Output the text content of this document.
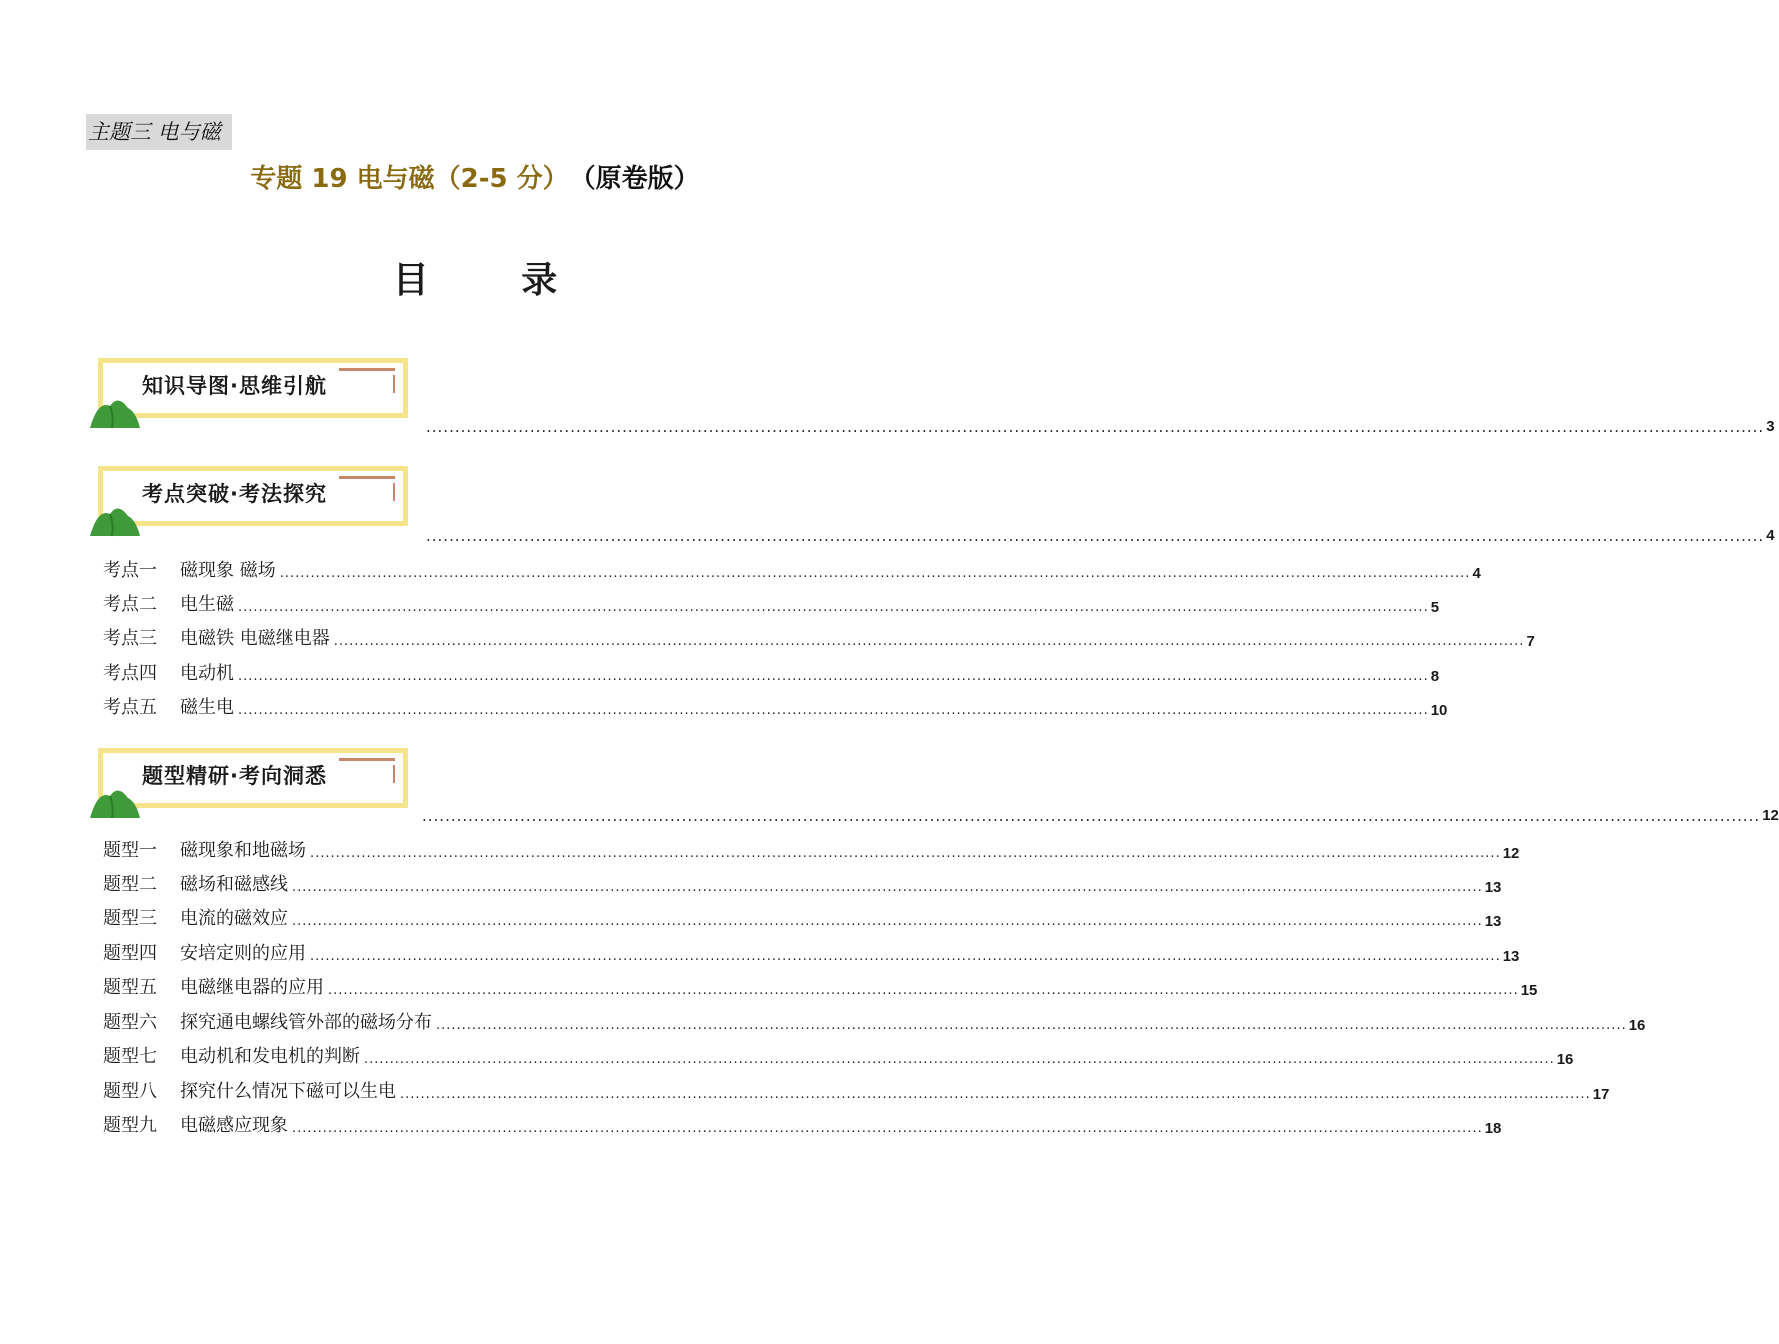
主题三 电与磁
专题 19 电与磁（2-5 分） （原卷版）
目 录
知识导图·思维引航
........................................................................................................................................................................................................................................ 3
考点突破·考法探究
........................................................................................................................................................................................................................................ 4
考点一	磁现象 磁场 ........................................................................................................................................................................................................................................ 4
考点二	电生磁 ........................................................................................................................................................................................................................................ 5
考点三	电磁铁 电磁继电器 ........................................................................................................................................................................................................................................ 7
考点四	电动机 ........................................................................................................................................................................................................................................ 8
考点五	磁生电 ........................................................................................................................................................................................................................................ 10
题型精研·考向洞悉
........................................................................................................................................................................................................................................ 12
题型一	磁现象和地磁场 ........................................................................................................................................................................................................................................ 12
题型二	磁场和磁感线 ........................................................................................................................................................................................................................................ 13
题型三	电流的磁效应 ........................................................................................................................................................................................................................................ 13
题型四	安培定则的应用 ........................................................................................................................................................................................................................................ 13
题型五	电磁继电器的应用 ........................................................................................................................................................................................................................................ 15
题型六	探究通电螺线管外部的磁场分布 ........................................................................................................................................................................................................................................ 16
题型七	电动机和发电机的判断 ........................................................................................................................................................................................................................................ 16
题型八	探究什么情况下磁可以生电 ........................................................................................................................................................................................................................................ 17
题型九	电磁感应现象 ........................................................................................................................................................................................................................................ 18
